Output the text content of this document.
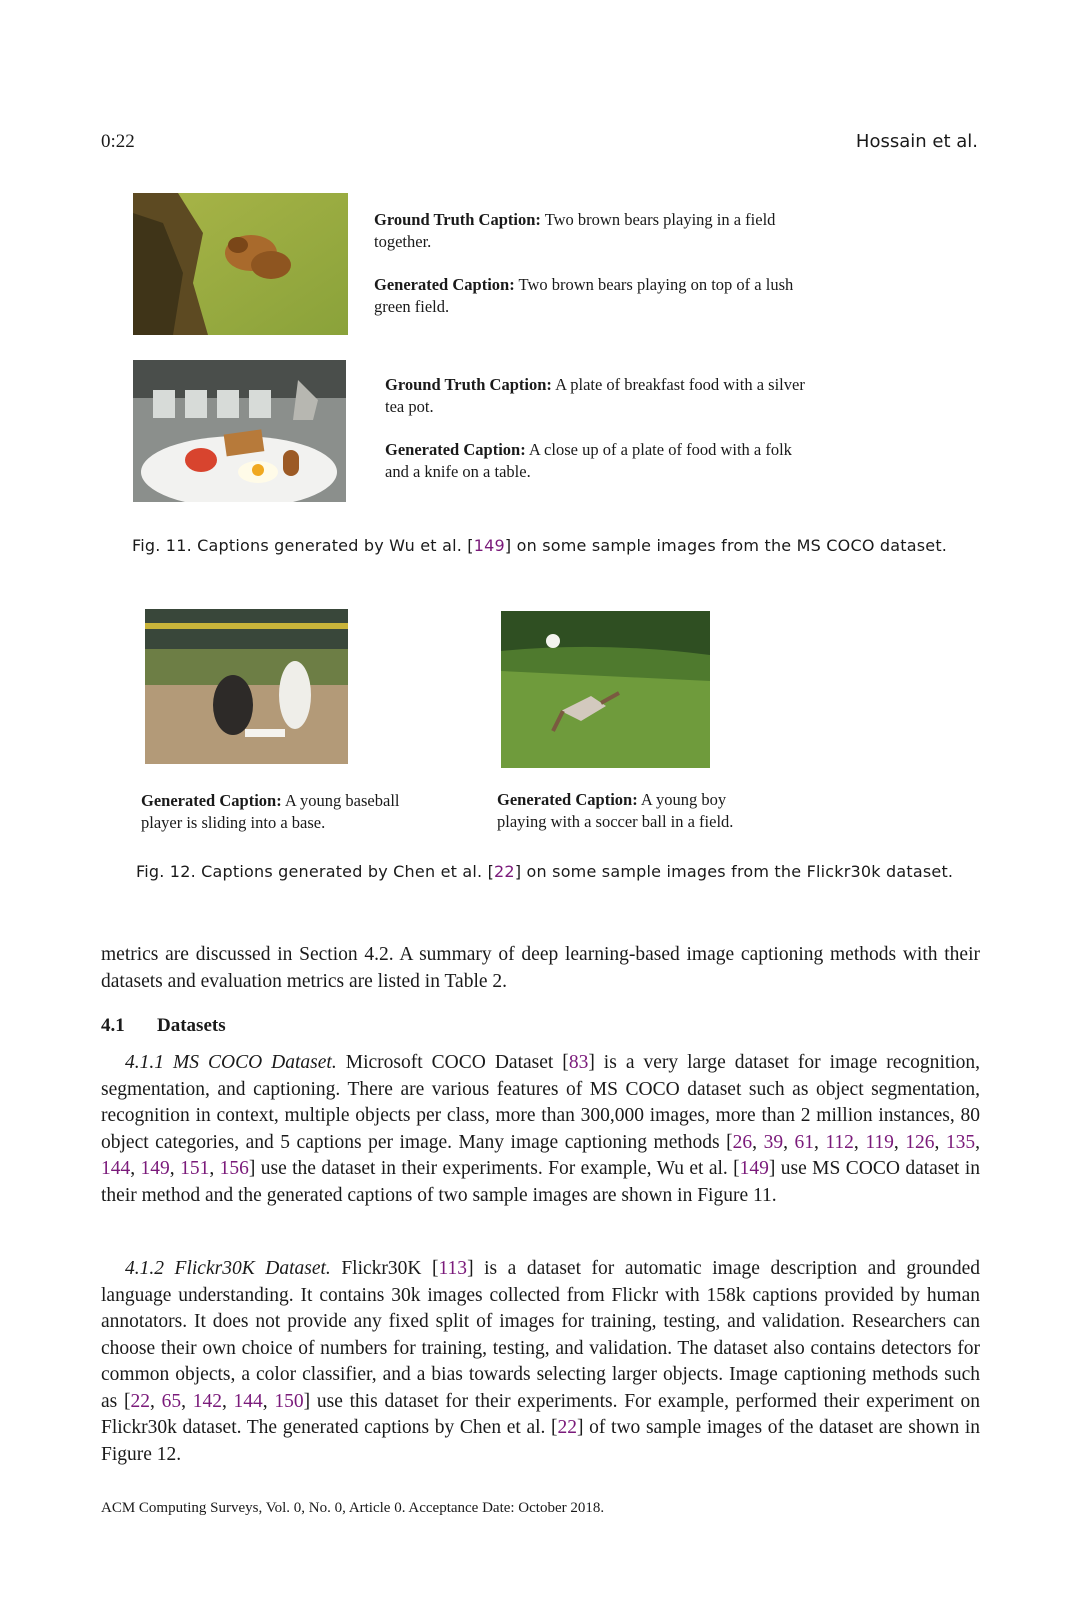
0:22	Hossain et al.
Ground Truth Caption: Two brown bears playing in a field
together.
Generated Caption: Two brown bears playing on top of a lush
green field.
Ground Truth Caption: A plate of breakfast food with a silver
tea pot.
Generated Caption: A close up of a plate of food with a folk
and a knife on a table.
Fig. 11. Captions generated by Wu et al. [149] on some sample images from the MS COCO dataset.
Generated Caption: A young baseball
player is sliding into a base.
Generated Caption: A young boy
playing with a soccer ball in a field.
Fig. 12. Captions generated by Chen et al. [22] on some sample images from the Flickr30k dataset.

metrics are discussed in Section 4.2. A summary of deep learning-based image captioning methods with their datasets and evaluation metrics are listed in Table 2.

4.1 Datasets

4.1.1 MS COCO Dataset. Microsoft COCO Dataset [83] is a very large dataset for image recognition, segmentation, and captioning. There are various features of MS COCO dataset such as object segmentation, recognition in context, multiple objects per class, more than 300,000 images, more than 2 million instances, 80 object categories, and 5 captions per image. Many image captioning methods [26, 39, 61, 112, 119, 126, 135, 144, 149, 151, 156] use the dataset in their experiments. For example, Wu et al. [149] use MS COCO dataset in their method and the generated captions of two sample images are shown in Figure 11.

4.1.2 Flickr30K Dataset. Flickr30K [113] is a dataset for automatic image description and grounded language understanding. It contains 30k images collected from Flickr with 158k captions provided by human annotators. It does not provide any fixed split of images for training, testing, and validation. Researchers can choose their own choice of numbers for training, testing, and validation. The dataset also contains detectors for common objects, a color classifier, and a bias towards selecting larger objects. Image captioning methods such as [22, 65, 142, 144, 150] use this dataset for their experiments. For example, performed their experiment on Flickr30k dataset. The generated captions by Chen et al. [22] of two sample images of the dataset are shown in Figure 12.

ACM Computing Surveys, Vol. 0, No. 0, Article 0. Acceptance Date: October 2018.
